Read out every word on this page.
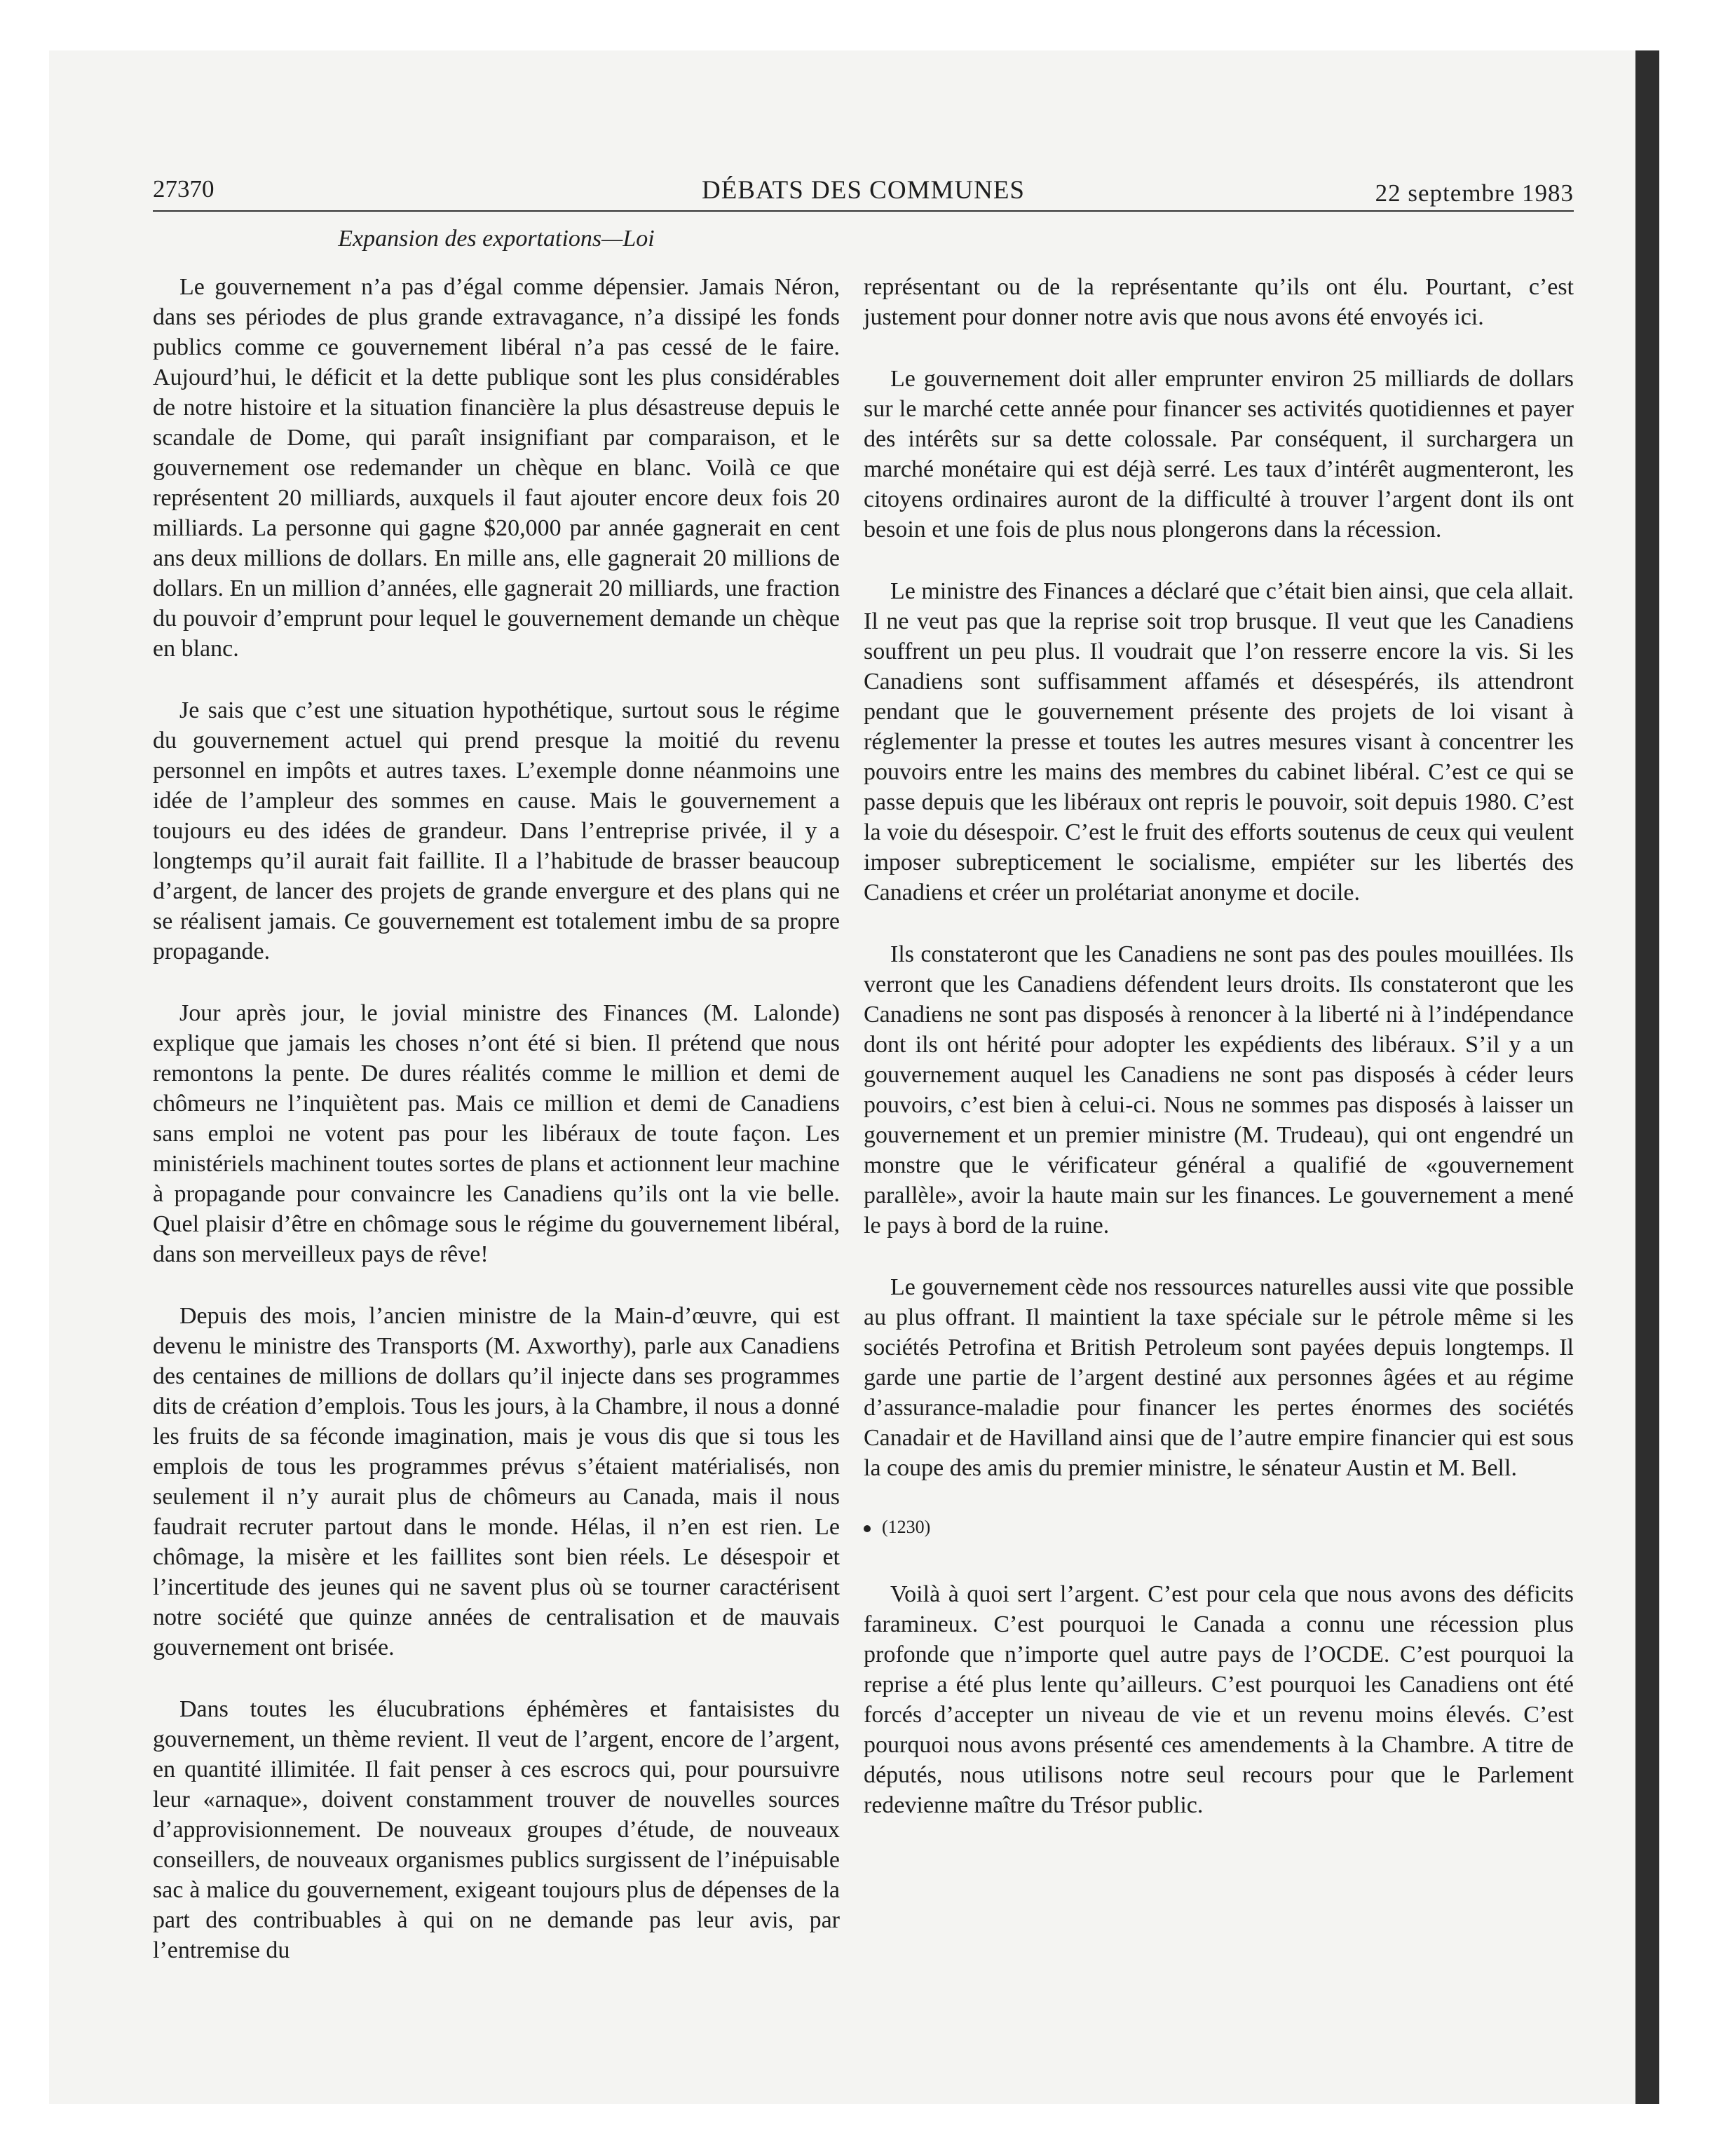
27370	DÉBATS DES COMMUNES	22 septembre 1983
Expansion des exportations—Loi

Le gouvernement n’a pas d’égal comme dépensier. Jamais Néron, dans ses périodes de plus grande extravagance, n’a dissipé les fonds publics comme ce gouvernement libéral n’a pas cessé de le faire. Aujourd’hui, le déficit et la dette publique sont les plus considérables de notre histoire et la situation financière la plus désastreuse depuis le scandale de Dome, qui paraît insignifiant par comparaison, et le gouvernement ose redemander un chèque en blanc. Voilà ce que représentent 20 milliards, auxquels il faut ajouter encore deux fois 20 milliards. La personne qui gagne $20,000 par année gagnerait en cent ans deux millions de dollars. En mille ans, elle gagnerait 20 millions de dollars. En un million d’années, elle gagnerait 20 milliards, une fraction du pouvoir d’emprunt pour lequel le gouvernement demande un chèque en blanc.

Je sais que c’est une situation hypothétique, surtout sous le régime du gouvernement actuel qui prend presque la moitié du revenu personnel en impôts et autres taxes. L’exemple donne néanmoins une idée de l’ampleur des sommes en cause. Mais le gouvernement a toujours eu des idées de grandeur. Dans l’entreprise privée, il y a longtemps qu’il aurait fait faillite. Il a l’habitude de brasser beaucoup d’argent, de lancer des projets de grande envergure et des plans qui ne se réalisent jamais. Ce gouvernement est totalement imbu de sa propre propagande.

Jour après jour, le jovial ministre des Finances (M. Lalonde) explique que jamais les choses n’ont été si bien. Il prétend que nous remontons la pente. De dures réalités comme le million et demi de chômeurs ne l’inquiètent pas. Mais ce million et demi de Canadiens sans emploi ne votent pas pour les libéraux de toute façon. Les ministériels machinent toutes sortes de plans et actionnent leur machine à propagande pour convaincre les Canadiens qu’ils ont la vie belle. Quel plaisir d’être en chômage sous le régime du gouvernement libéral, dans son merveilleux pays de rêve!

Depuis des mois, l’ancien ministre de la Main-d’œuvre, qui est devenu le ministre des Transports (M. Axworthy), parle aux Canadiens des centaines de millions de dollars qu’il injecte dans ses programmes dits de création d’emplois. Tous les jours, à la Chambre, il nous a donné les fruits de sa féconde imagination, mais je vous dis que si tous les emplois de tous les programmes prévus s’étaient matérialisés, non seulement il n’y aurait plus de chômeurs au Canada, mais il nous faudrait recruter partout dans le monde. Hélas, il n’en est rien. Le chômage, la misère et les faillites sont bien réels. Le désespoir et l’incertitude des jeunes qui ne savent plus où se tourner caractérisent notre société que quinze années de centralisation et de mauvais gouvernement ont brisée.

Dans toutes les élucubrations éphémères et fantaisistes du gouvernement, un thème revient. Il veut de l’argent, encore de l’argent, en quantité illimitée. Il fait penser à ces escrocs qui, pour poursuivre leur «arnaque», doivent constamment trouver de nouvelles sources d’approvisionnement. De nouveaux groupes d’étude, de nouveaux conseillers, de nouveaux organismes publics surgissent de l’inépuisable sac à malice du gouvernement, exigeant toujours plus de dépenses de la part des contribuables à qui on ne demande pas leur avis, par l’entremise du

représentant ou de la représentante qu’ils ont élu. Pourtant, c’est justement pour donner notre avis que nous avons été envoyés ici.

Le gouvernement doit aller emprunter environ 25 milliards de dollars sur le marché cette année pour financer ses activités quotidiennes et payer des intérêts sur sa dette colossale. Par conséquent, il surchargera un marché monétaire qui est déjà serré. Les taux d’intérêt augmenteront, les citoyens ordinaires auront de la difficulté à trouver l’argent dont ils ont besoin et une fois de plus nous plongerons dans la récession.

Le ministre des Finances a déclaré que c’était bien ainsi, que cela allait. Il ne veut pas que la reprise soit trop brusque. Il veut que les Canadiens souffrent un peu plus. Il voudrait que l’on resserre encore la vis. Si les Canadiens sont suffisamment affamés et désespérés, ils attendront pendant que le gouvernement présente des projets de loi visant à réglementer la presse et toutes les autres mesures visant à concentrer les pouvoirs entre les mains des membres du cabinet libéral. C’est ce qui se passe depuis que les libéraux ont repris le pouvoir, soit depuis 1980. C’est la voie du désespoir. C’est le fruit des efforts soutenus de ceux qui veulent imposer subrepticement le socialisme, empiéter sur les libertés des Canadiens et créer un prolétariat anonyme et docile.

Ils constateront que les Canadiens ne sont pas des poules mouillées. Ils verront que les Canadiens défendent leurs droits. Ils constateront que les Canadiens ne sont pas disposés à renoncer à la liberté ni à l’indépendance dont ils ont hérité pour adopter les expédients des libéraux. S’il y a un gouvernement auquel les Canadiens ne sont pas disposés à céder leurs pouvoirs, c’est bien à celui-ci. Nous ne sommes pas disposés à laisser un gouvernement et un premier ministre (M. Trudeau), qui ont engendré un monstre que le vérificateur général a qualifié de «gouvernement parallèle», avoir la haute main sur les finances. Le gouvernement a mené le pays à bord de la ruine.

Le gouvernement cède nos ressources naturelles aussi vite que possible au plus offrant. Il maintient la taxe spéciale sur le pétrole même si les sociétés Petrofina et British Petroleum sont payées depuis longtemps. Il garde une partie de l’argent destiné aux personnes âgées et au régime d’assurance-maladie pour financer les pertes énormes des sociétés Canadair et de Havilland ainsi que de l’autre empire financier qui est sous la coupe des amis du premier ministre, le sénateur Austin et M. Bell.

(1230)

Voilà à quoi sert l’argent. C’est pour cela que nous avons des déficits faramineux. C’est pourquoi le Canada a connu une récession plus profonde que n’importe quel autre pays de l’OCDE. C’est pourquoi la reprise a été plus lente qu’ailleurs. C’est pourquoi les Canadiens ont été forcés d’accepter un niveau de vie et un revenu moins élevés. C’est pourquoi nous avons présenté ces amendements à la Chambre. A titre de députés, nous utilisons notre seul recours pour que le Parlement redevienne maître du Trésor public.
